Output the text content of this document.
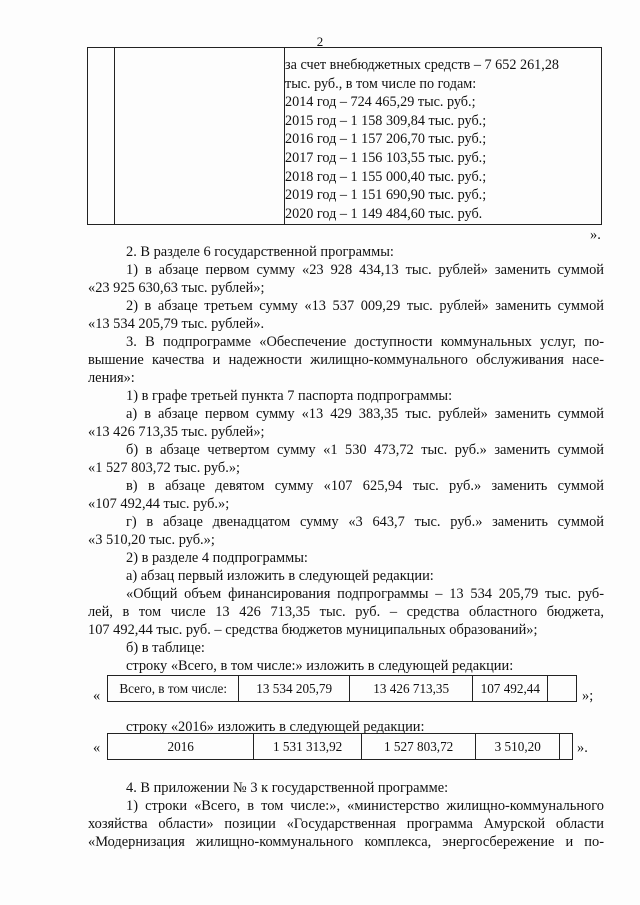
2
за счет внебюджетных средств – 7 652 261,28
тыс. руб., в том числе по годам:
2014 год – 724 465,29 тыс. руб.;
2015 год – 1 158 309,84 тыс. руб.;
2016 год – 1 157 206,70 тыс. руб.;
2017 год – 1 156 103,55 тыс. руб.;
2018 год – 1 155 000,40 тыс. руб.;
2019 год – 1 151 690,90 тыс. руб.;
2020 год – 1 149 484,60 тыс. руб.
».
2. В разделе 6 государственной программы:
1) в абзаце первом сумму «23 928 434,13 тыс. рублей» заменить суммой
«23 925 630,63 тыс. рублей»;
2) в абзаце третьем сумму «13 537 009,29 тыс. рублей» заменить суммой
«13 534 205,79 тыс. рублей».
3. В подпрограмме «Обеспечение доступности коммунальных услуг, по-
вышение качества и надежности жилищно-коммунального обслуживания насе-
ления»:
1) в графе третьей пункта 7 паспорта подпрограммы:
а) в абзаце первом сумму «13 429 383,35 тыс. рублей» заменить суммой
«13 426 713,35 тыс. рублей»;
б) в абзаце четвертом сумму «1 530 473,72 тыс. руб.» заменить суммой
«1 527 803,72 тыс. руб.»;
в) в абзаце девятом сумму «107 625,94 тыс. руб.» заменить суммой
«107 492,44 тыс. руб.»;
г) в абзаце двенадцатом сумму «3 643,7 тыс. руб.» заменить суммой
«3 510,20 тыс. руб.»;
2) в разделе 4 подпрограммы:
а) абзац первый изложить в следующей редакции:
«Общий объем финансирования подпрограммы – 13 534 205,79 тыс. руб-
лей, в том числе 13 426 713,35 тыс. руб. – средства областного бюджета,
107 492,44 тыс. руб. – средства бюджетов муниципальных образований»;
б) в таблице:
строку «Всего, в том числе:» изложить в следующей редакции:
«	Всего, в том числе:	13 534 205,79	13 426 713,35	107 492,44	»;
строку «2016» изложить в следующей редакции:
«	2016	1 531 313,92	1 527 803,72	3 510,20	».
4. В приложении № 3 к государственной программе:
1) строки «Всего, в том числе:», «министерство жилищно-коммунального
хозяйства области» позиции «Государственная программа Амурской области
«Модернизация жилищно-коммунального комплекса, энергосбережение и по-
